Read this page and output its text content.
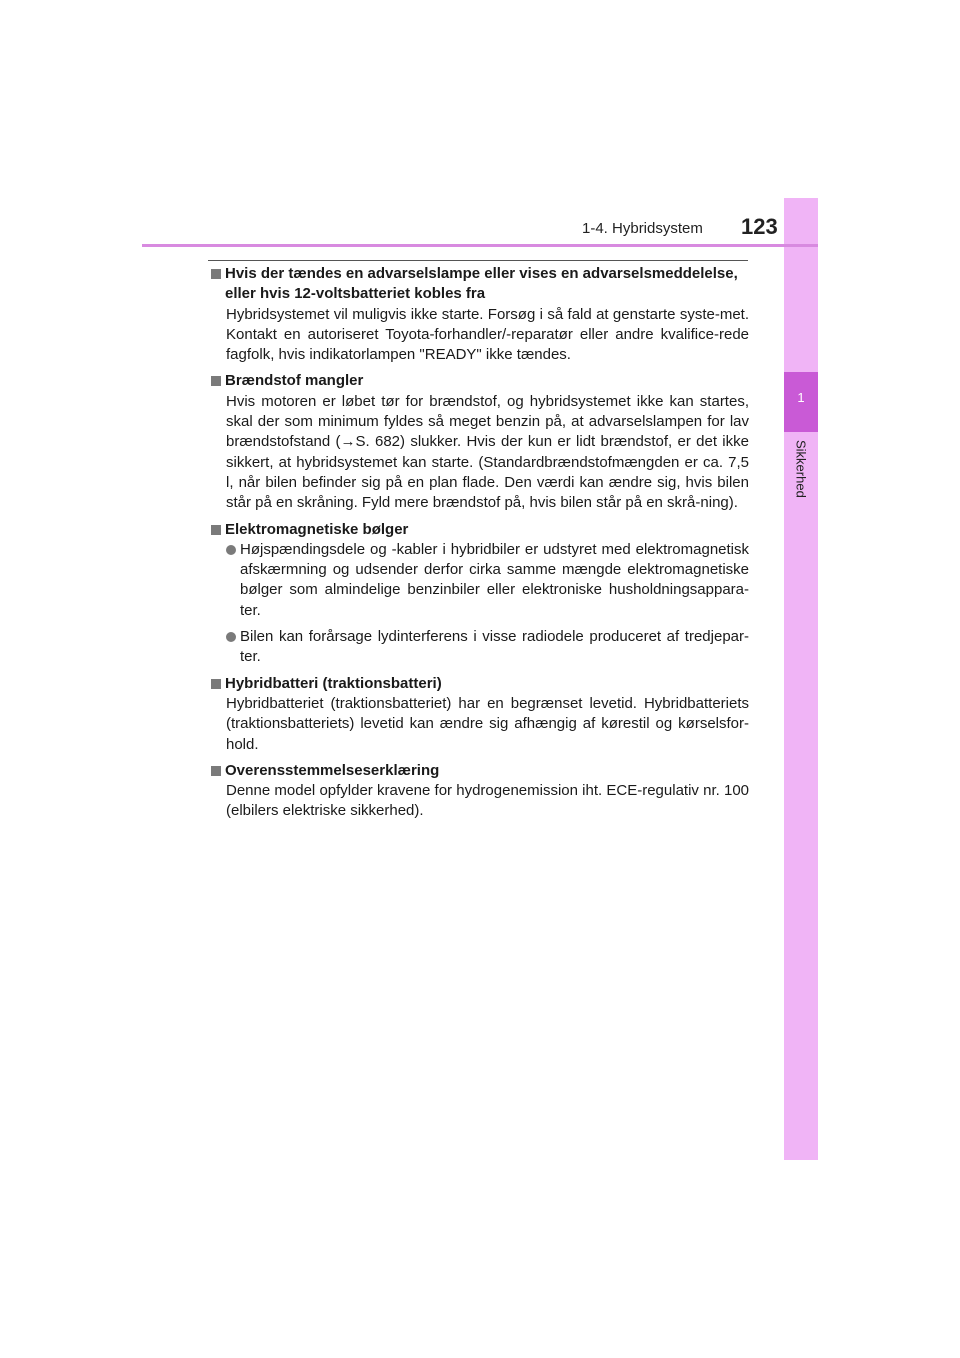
1
Sikkerhed
1-4. Hybridsystem 123
Hvis der tændes en advarselslampe eller vises en advarselsmeddelelse, eller hvis 12-voltsbatteriet kobles fra
Hybridsystemet vil muligvis ikke starte. Forsøg i så fald at genstarte syste-met. Kontakt en autoriseret Toyota-forhandler/-reparatør eller andre kvalifice-rede fagfolk, hvis indikatorlampen "READY" ikke tændes.
Brændstof mangler
Hvis motoren er løbet tør for brændstof, og hybridsystemet ikke kan startes, skal der som minimum fyldes så meget benzin på, at advarselslampen for lav brændstofstand (→S. 682) slukker. Hvis der kun er lidt brændstof, er det ikke sikkert, at hybridsystemet kan starte. (Standardbrændstofmængden er ca. 7,5 l, når bilen befinder sig på en plan flade. Den værdi kan ændre sig, hvis bilen står på en skråning. Fyld mere brændstof på, hvis bilen står på en skrå-ning).
Elektromagnetiske bølger
Højspændingsdele og -kabler i hybridbiler er udstyret med elektromagnetisk afskærmning og udsender derfor cirka samme mængde elektromagnetiske bølger som almindelige benzinbiler eller elektroniske husholdningsappara-ter.
Bilen kan forårsage lydinterferens i visse radiodele produceret af tredjepar-ter.
Hybridbatteri (traktionsbatteri)
Hybridbatteriet (traktionsbatteriet) har en begrænset levetid. Hybridbatteriets (traktionsbatteriets) levetid kan ændre sig afhængig af kørestil og kørselsfor-hold.
Overensstemmelseserklæring
Denne model opfylder kravene for hydrogenemission iht. ECE-regulativ nr. 100 (elbilers elektriske sikkerhed).
